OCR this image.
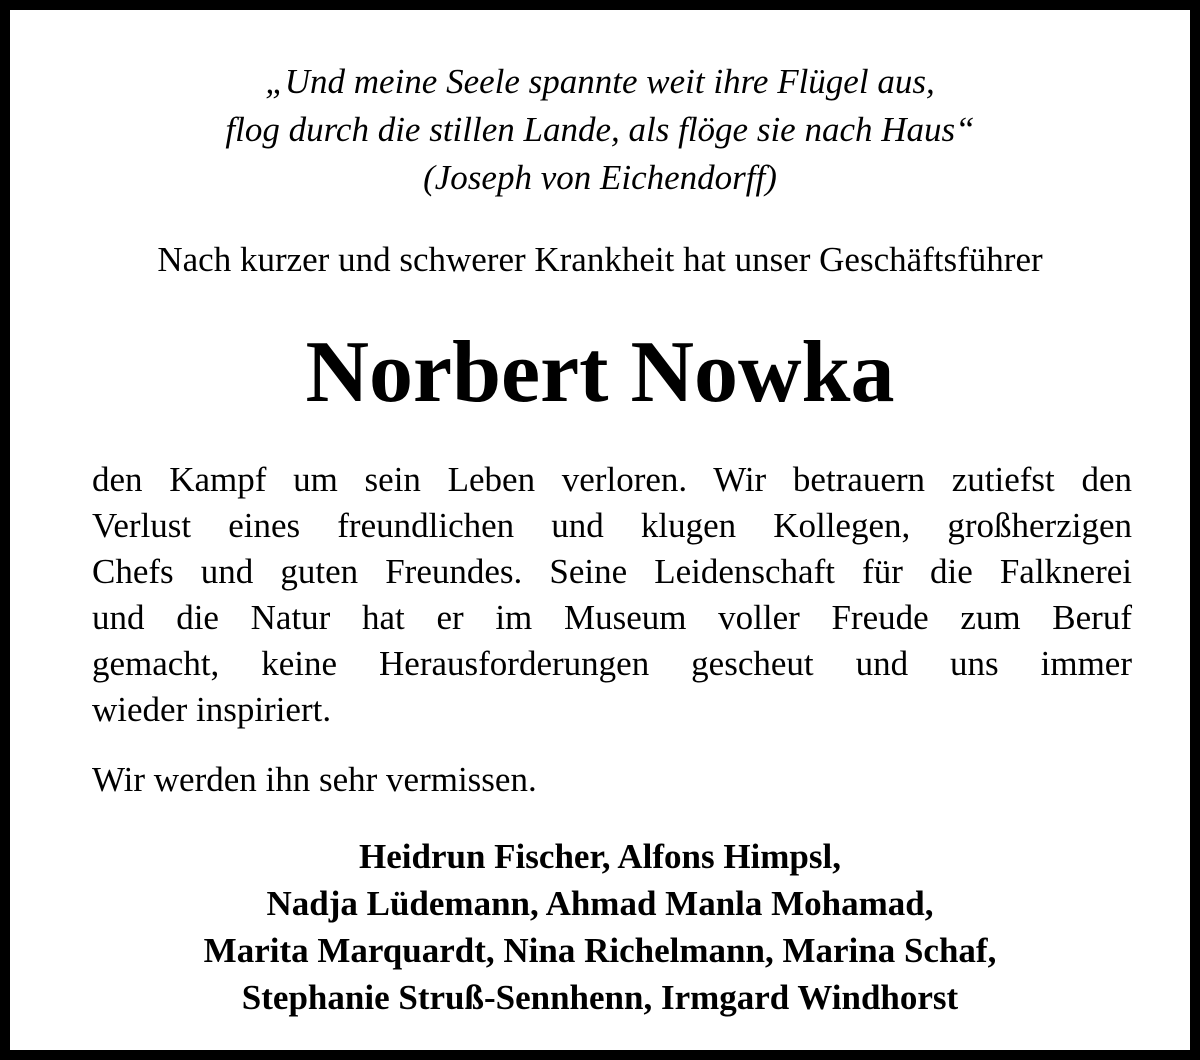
„Und meine Seele spannte weit ihre Flügel aus,
flog durch die stillen Lande, als flöge sie nach Haus“
(Joseph von Eichendorff)
Nach kurzer und schwerer Krankheit hat unser Geschäftsführer
Norbert Nowka
den Kampf um sein Leben verloren. Wir betrauern zutiefst den
Verlust eines freundlichen und klugen Kollegen, großherzigen
Chefs und guten Freundes. Seine Leidenschaft für die Falknerei
und die Natur hat er im Museum voller Freude zum Beruf
gemacht, keine Herausforderungen gescheut und uns immer
wieder inspiriert.
Wir werden ihn sehr vermissen.
Heidrun Fischer, Alfons Himpsl,
Nadja Lüdemann, Ahmad Manla Mohamad,
Marita Marquardt, Nina Richelmann, Marina Schaf,
Stephanie Struß-Sennhenn, Irmgard Windhorst
